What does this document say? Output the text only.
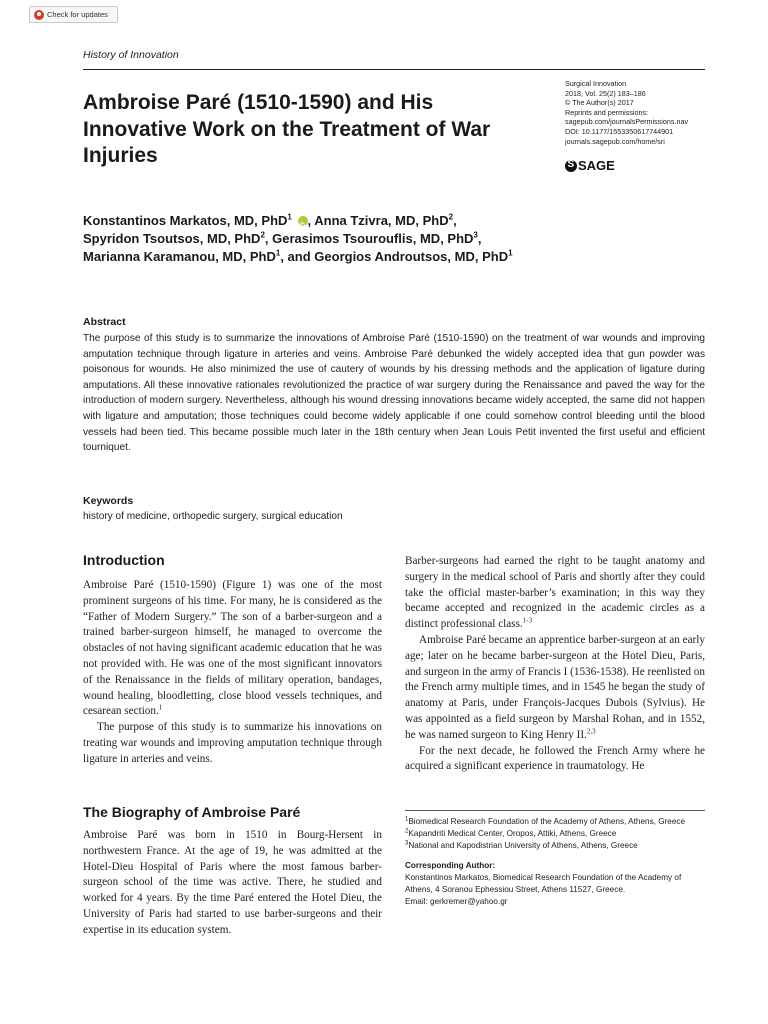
Check for updates
History of Innovation
Ambroise Paré (1510-1590) and His Innovative Work on the Treatment of War Injuries
Surgical Innovation
2018, Vol. 25(2) 183–186
© The Author(s) 2017
Reprints and permissions:
sagepub.com/journalsPermissions.nav
DOI: 10.1177/1553350617744901
journals.sagepub.com/home/sri
S
SAGE
Konstantinos Markatos, MD, PhD$^1$ iD , Anna Tzivra, MD, PhD$^2$,
Spyridon Tsoutsos, MD, PhD$^2$, Gerasimos Tsourouflis, MD, PhD$^3$,
Marianna Karamanou, MD, PhD$^1$, and Georgios Androutsos, MD, PhD$^1$
Abstract
The purpose of this study is to summarize the innovations of Ambroise Paré (1510-1590) on the treatment of war wounds and improving amputation technique through ligature in arteries and veins. Ambroise Paré debunked the widely accepted idea that gun powder was poisonous for wounds. He also minimized the use of cautery of wounds by his dressing methods and the application of ligature during amputations. All these innovative rationales revolutionized the practice of war surgery during the Renaissance and paved the way for the introduction of modern surgery. Nevertheless, although his wound dressing innovations became widely accepted, the same did not happen with ligature and amputation; those techniques could become widely applicable if one could somehow control bleeding until the blood vessels had been tied. This became possible much later in the 18th century when Jean Louis Petit invented the first useful and efficient tourniquet.
Keywords
history of medicine, orthopedic surgery, surgical education
Introduction

Ambroise Paré (1510-1590) (Figure 1) was one of the most prominent surgeons of his time. For many, he is considered as the “Father of Modern Surgery.” The son of a barber-surgeon and a trained barber-surgeon himself, he managed to overcome the obstacles of not having significant academic education that he was not provided with. He was one of the most significant innovators of the Renaissance in the fields of military operation, bandages, wound healing, bloodletting, close blood vessels techniques, and cesarean section.$^1$

The purpose of this study is to summarize his innovations on treating war wounds and improving amputation technique through ligature in arteries and veins.

The Biography of Ambroise Paré

Ambroise Paré was born in 1510 in Bourg-Hersent in northwestern France. At the age of 19, he was admitted at the Hotel-Dieu Hospital of Paris where the most famous barber-surgeon school of the time was active. There, he studied and worked for 4 years. By the time Paré entered the Hotel Dieu, the University of Paris had started to use barber-surgeons and their expertise in its education system.

Barber-surgeons had earned the right to be taught anatomy and surgery in the medical school of Paris and shortly after they could take the official master-barber’s examination; in this way they became accepted and recognized in the academic circles as a distinct professional class.$^{1-3}$

Ambroise Paré became an apprentice barber-surgeon at an early age; later on he became barber-surgeon at the Hotel Dieu, Paris, and surgeon in the army of Francis I (1536-1538). He reenlisted on the French army multiple times, and in 1545 he began the study of anatomy at Paris, under François-Jacques Dubois (Sylvius). He was appointed as a field surgeon by Marshal Rohan, and in 1552, he was named surgeon to King Henry II.$^{2,3}$

For the next decade, he followed the French Army where he acquired a significant experience in traumatology. He

$^1$Biomedical Research Foundation of the Academy of Athens, Athens, Greece
$^2$Kapandriti Medical Center, Oropos, Attiki, Athens, Greece
$^3$National and Kapodistrian University of Athens, Athens, Greece
Corresponding Author:
Konstantinos Markatos, Biomedical Research Foundation of the Academy of Athens, 4 Soranou Ephessiou Street, Athens 11527, Greece.
Email: gerkremer@yahoo.gr
